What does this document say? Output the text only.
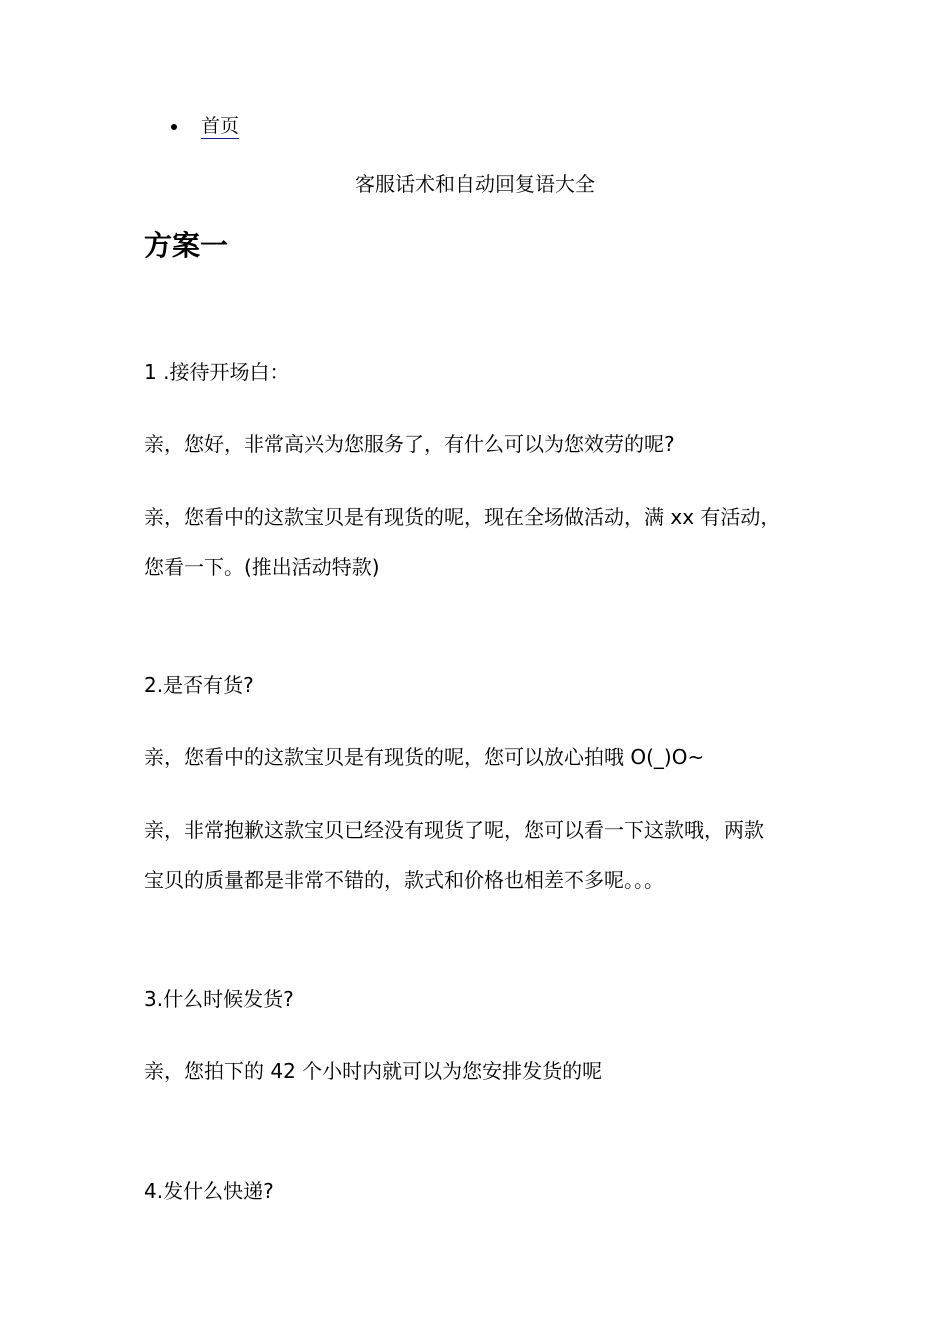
首页
客服话术和自动回复语大全
方案一
1 .接待开场白：
亲，您好，非常高兴为您服务了，有什么可以为您效劳的呢?
亲，您看中的这款宝贝是有现货的呢，现在全场做活动，满 xx 有活动，
您看一下。(推出活动特款)
2.是否有货?
亲，您看中的这款宝贝是有现货的呢，您可以放心拍哦 O(_)O~
亲，非常抱歉这款宝贝已经没有现货了呢，您可以看一下这款哦，两款
宝贝的质量都是非常不错的，款式和价格也相差不多呢。。。
3.什么时候发货?
亲，您拍下的 42 个小时内就可以为您安排发货的呢
4.发什么快递?
